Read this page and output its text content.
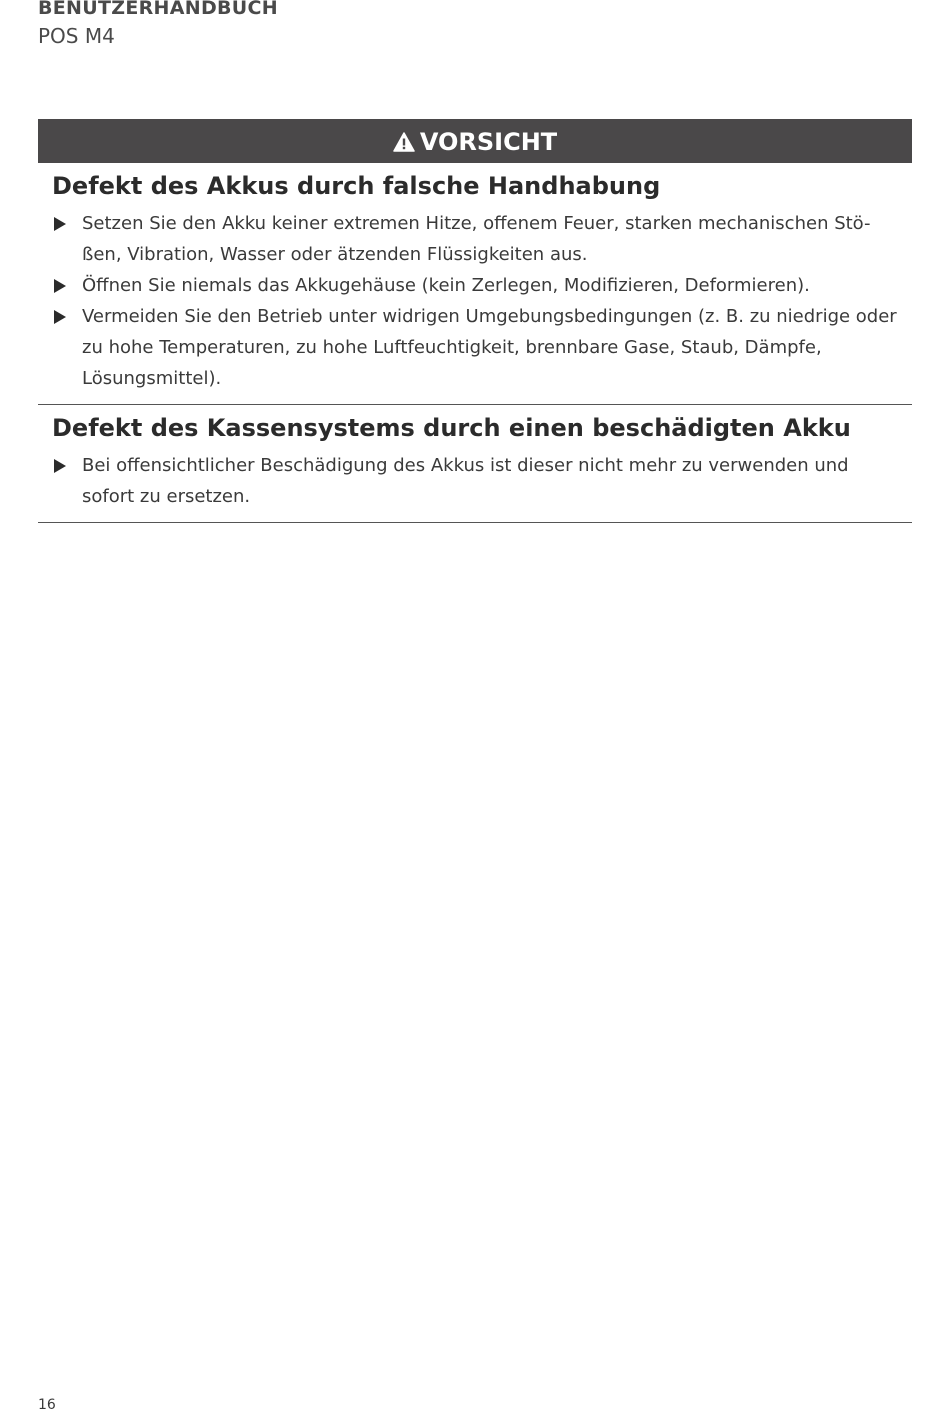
BENUTZERHANDBUCH
POS M4
VORSICHT
Defekt des Akkus durch falsche Handhabung
Setzen Sie den Akku keiner extremen Hitze, offenem Feuer, starken mechanischen Stö-ßen, Vibration, Wasser oder ätzenden Flüssigkeiten aus.
Öffnen Sie niemals das Akkugehäuse (kein Zerlegen, Modifizieren, Deformieren).
Vermeiden Sie den Betrieb unter widrigen Umgebungsbedingungen (z. B. zu niedrige oder zu hohe Temperaturen, zu hohe Luftfeuchtigkeit, brennbare Gase, Staub, Dämpfe, Lösungsmittel).
Defekt des Kassensystems durch einen beschädigten Akku
Bei offensichtlicher Beschädigung des Akkus ist dieser nicht mehr zu verwenden und sofort zu ersetzen.
16
